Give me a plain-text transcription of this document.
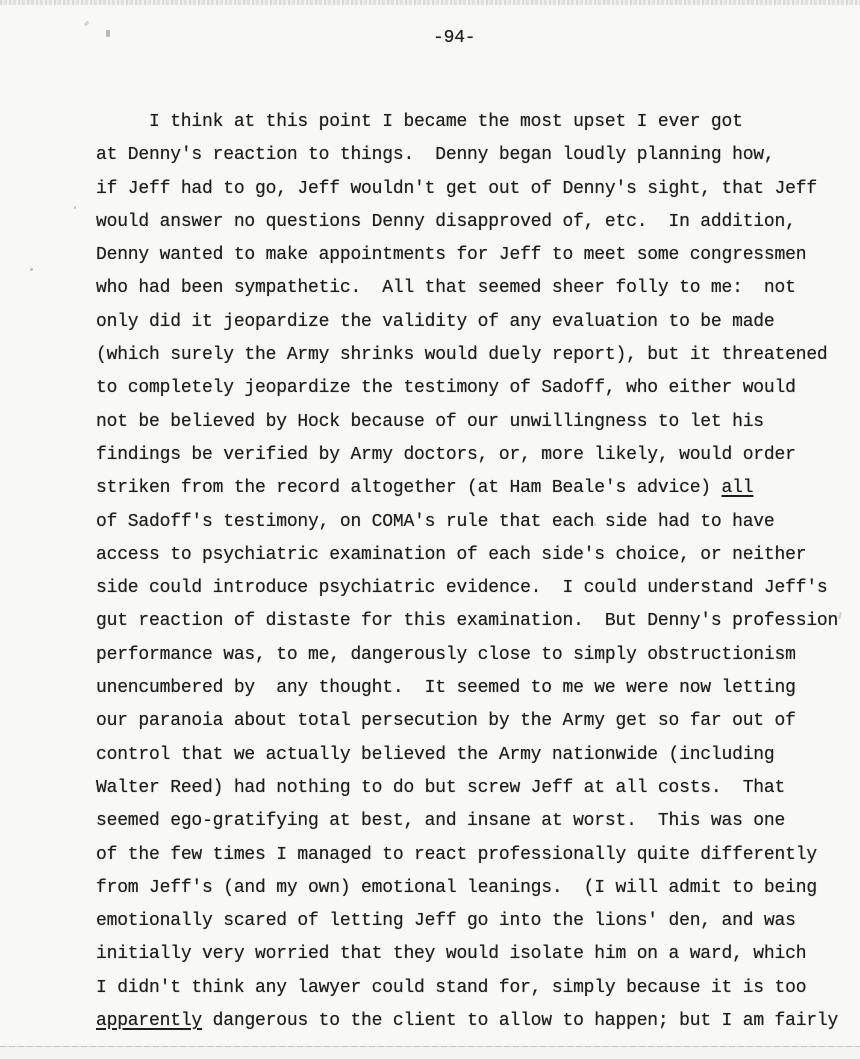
-94-
I think at this point I became the most upset I ever got
at Denny's reaction to things.  Denny began loudly planning how,
if Jeff had to go, Jeff wouldn't get out of Denny's sight, that Jeff
would answer no questions Denny disapproved of, etc.  In addition,
Denny wanted to make appointments for Jeff to meet some congressmen
who had been sympathetic.  All that seemed sheer folly to me:  not
only did it jeopardize the validity of any evaluation to be made
(which surely the Army shrinks would duely report), but it threatened
to completely jeopardize the testimony of Sadoff, who either would
not be believed by Hock because of our unwillingness to let his
findings be verified by Army doctors, or, more likely, would order
striken from the record altogether (at Ham Beale's advice) all
of Sadoff's testimony, on COMA's rule that each side had to have
access to psychiatric examination of each side's choice, or neither
side could introduce psychiatric evidence.  I could understand Jeff's
gut reaction of distaste for this examination.  But Denny's profession
performance was, to me, dangerously close to simply obstructionism
unencumbered by  any thought.  It seemed to me we were now letting
our paranoia about total persecution by the Army get so far out of
control that we actually believed the Army nationwide (including
Walter Reed) had nothing to do but screw Jeff at all costs.  That
seemed ego-gratifying at best, and insane at worst.  This was one
of the few times I managed to react professionally quite differently
from Jeff's (and my own) emotional leanings.  (I will admit to being
emotionally scared of letting Jeff go into the lions' den, and was
initially very worried that they would isolate him on a ward, which
I didn't think any lawyer could stand for, simply because it is too
apparently dangerous to the client to allow to happen; but I am fairly
